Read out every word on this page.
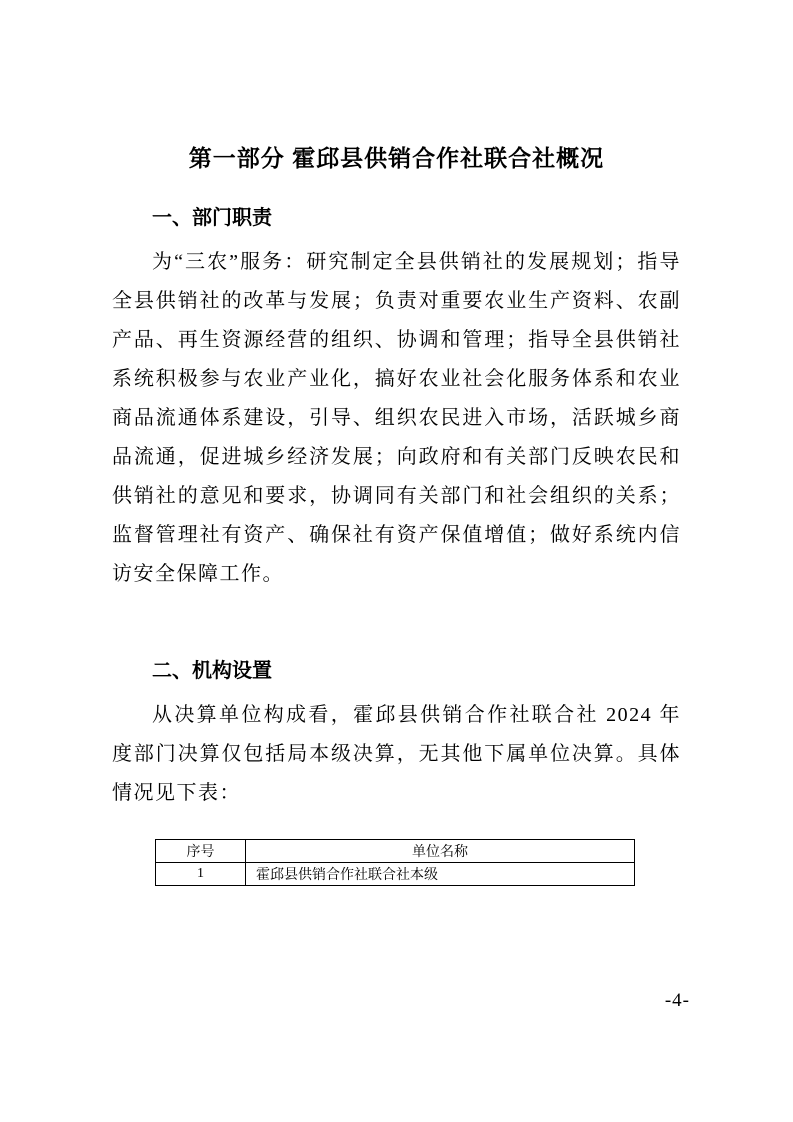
第一部分 霍邱县供销合作社联合社概况
一、部门职责

为“三农”服务：研究制定全县供销社的发展规划；指导全县供销社的改革与发展；负责对重要农业生产资料、农副产品、再生资源经营的组织、协调和管理；指导全县供销社系统积极参与农业产业化，搞好农业社会化服务体系和农业商品流通体系建设，引导、组织农民进入市场，活跃城乡商品流通，促进城乡经济发展；向政府和有关部门反映农民和供销社的意见和要求，协调同有关部门和社会组织的关系；监督管理社有资产、确保社有资产保值增值；做好系统内信访安全保障工作。

二、机构设置

从决算单位构成看，霍邱县供销合作社联合社 2024 年度部门决算仅包括局本级决算，无其他下属单位决算。具体情况见下表：

序号	单位名称
1	霍邱县供销合作社联合社本级
-4-
